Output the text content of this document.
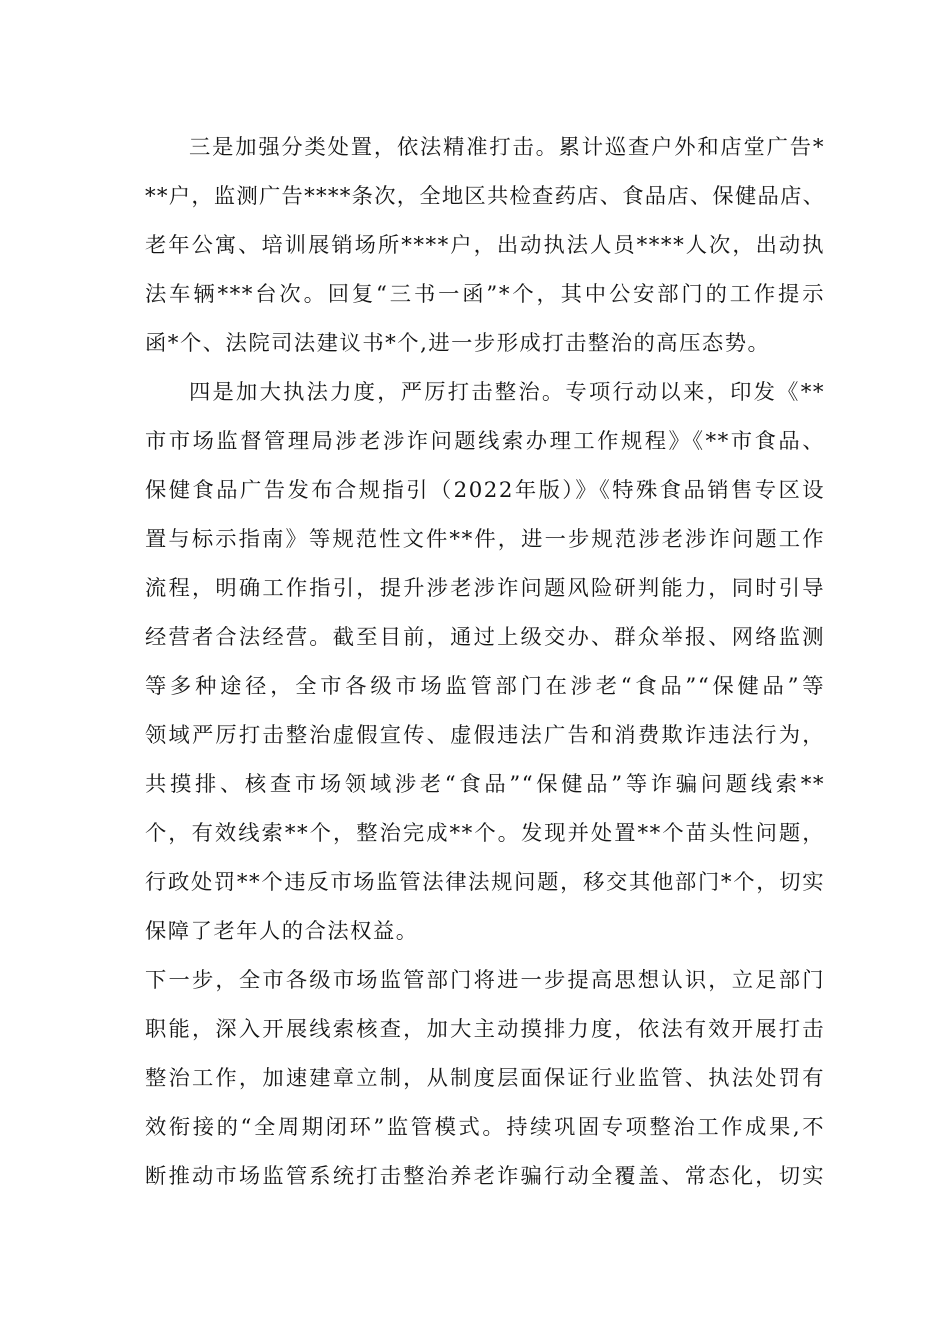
三是加强分类处置，依法精准打击。累计巡查户外和店堂广告*
**户，监测广告****条次，全地区共检查药店、食品店、保健品店、
老年公寓、培训展销场所****户，出动执法人员****人次，出动执
法车辆***台次。回复“三书一函”*个，其中公安部门的工作提示
函*个、法院司法建议书*个,进一步形成打击整治的高压态势。
四是加大执法力度，严厉打击整治。专项行动以来，印发《**
市市场监督管理局涉老涉诈问题线索办理工作规程》《**市食品、
保健食品广告发布合规指引（2022年版）》《特殊食品销售专区设
置与标示指南》等规范性文件**件，进一步规范涉老涉诈问题工作
流程，明确工作指引，提升涉老涉诈问题风险研判能力，同时引导
经营者合法经营。截至目前，通过上级交办、群众举报、网络监测
等多种途径，全市各级市场监管部门在涉老“食品”“保健品”等
领域严厉打击整治虚假宣传、虚假违法广告和消费欺诈违法行为，
共摸排、核查市场领域涉老“食品”“保健品”等诈骗问题线索**
个，有效线索**个，整治完成**个。发现并处置**个苗头性问题，
行政处罚**个违反市场监管法律法规问题，移交其他部门*个，切实
保障了老年人的合法权益。
下一步，全市各级市场监管部门将进一步提高思想认识，立足部门
职能，深入开展线索核查，加大主动摸排力度，依法有效开展打击
整治工作，加速建章立制，从制度层面保证行业监管、执法处罚有
效衔接的“全周期闭环”监管模式。持续巩固专项整治工作成果,不
断推动市场监管系统打击整治养老诈骗行动全覆盖、常态化，切实
